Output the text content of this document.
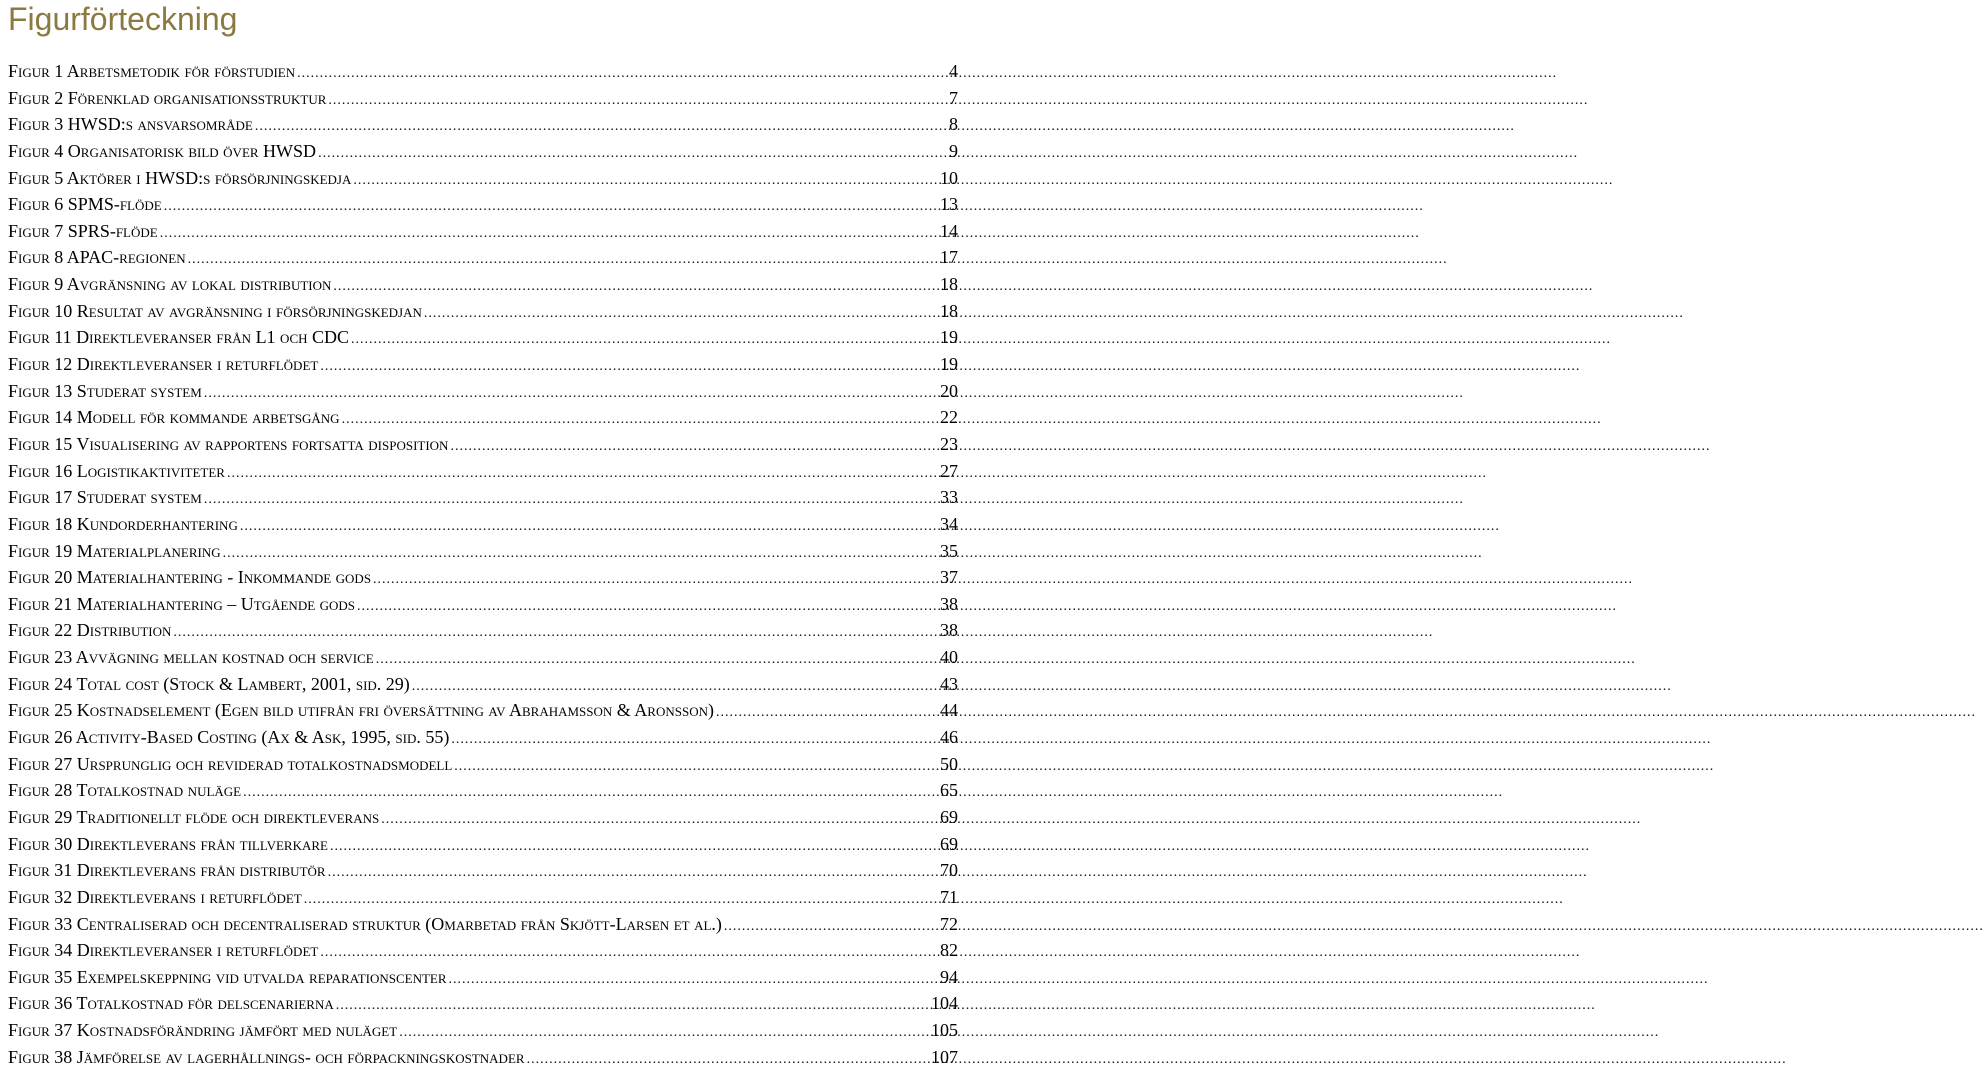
Figurförteckning
Figur 1 Arbetsmetodik för förstudien .....	4
Figur 2 Förenklad organisationsstruktur .....	7
Figur 3 HWSD:s ansvarsområde .....	8
Figur 4 Organisatorisk bild över HWSD .....	9
Figur 5 Aktörer i HWSD:s försörjningskedja .....	10
Figur 6 SPMS-flöde .....	13
Figur 7 SPRS-flöde .....	14
Figur 8 APAC-regionen .....	17
Figur 9 Avgränsning av lokal distribution .....	18
Figur 10 Resultat av avgränsning i försörjningskedjan .....	18
Figur 11 Direktleveranser från L1 och CDC .....	19
Figur 12 Direktleveranser i returflödet .....	19
Figur 13 Studerat system .....	20
Figur 14 Modell för kommande arbetsgång .....	22
Figur 15 Visualisering av rapportens fortsatta disposition .....	23
Figur 16 Logistikaktiviteter .....	27
Figur 17 Studerat system .....	33
Figur 18 Kundorderhantering .....	34
Figur 19 Materialplanering .....	35
Figur 20 Materialhantering - Inkommande gods .....	37
Figur 21 Materialhantering – Utgående gods .....	38
Figur 22 Distribution .....	38
Figur 23 Avvägning mellan kostnad och service .....	40
Figur 24 Total cost (Stock & Lambert, 2001, sid. 29) .....	43
Figur 25 Kostnadselement (Egen bild utifrån fri översättning av Abrahamsson & Aronsson) .....	44
Figur 26 Activity-Based Costing (Ax & Ask, 1995, sid. 55) .....	46
Figur 27 Ursprunglig och reviderad totalkostnadsmodell .....	50
Figur 28 Totalkostnad nuläge .....	65
Figur 29 Traditionellt flöde och direktleverans .....	69
Figur 30 Direktleverans från tillverkare .....	69
Figur 31 Direktleverans från distributör .....	70
Figur 32 Direktleverans i returflödet .....	71
Figur 33 Centraliserad och decentraliserad struktur (Omarbetad från Skjött-Larsen et al.) .....	72
Figur 34 Direktleveranser i returflödet .....	82
Figur 35 Exempelskeppning vid utvalda reparationscenter .....	94
Figur 36 Totalkostnad för delscenarierna .....	104
Figur 37 Kostnadsförändring jämfört med nuläget .....	105
Figur 38 Jämförelse av lagerhållnings- och förpackningskostnader .....	107
